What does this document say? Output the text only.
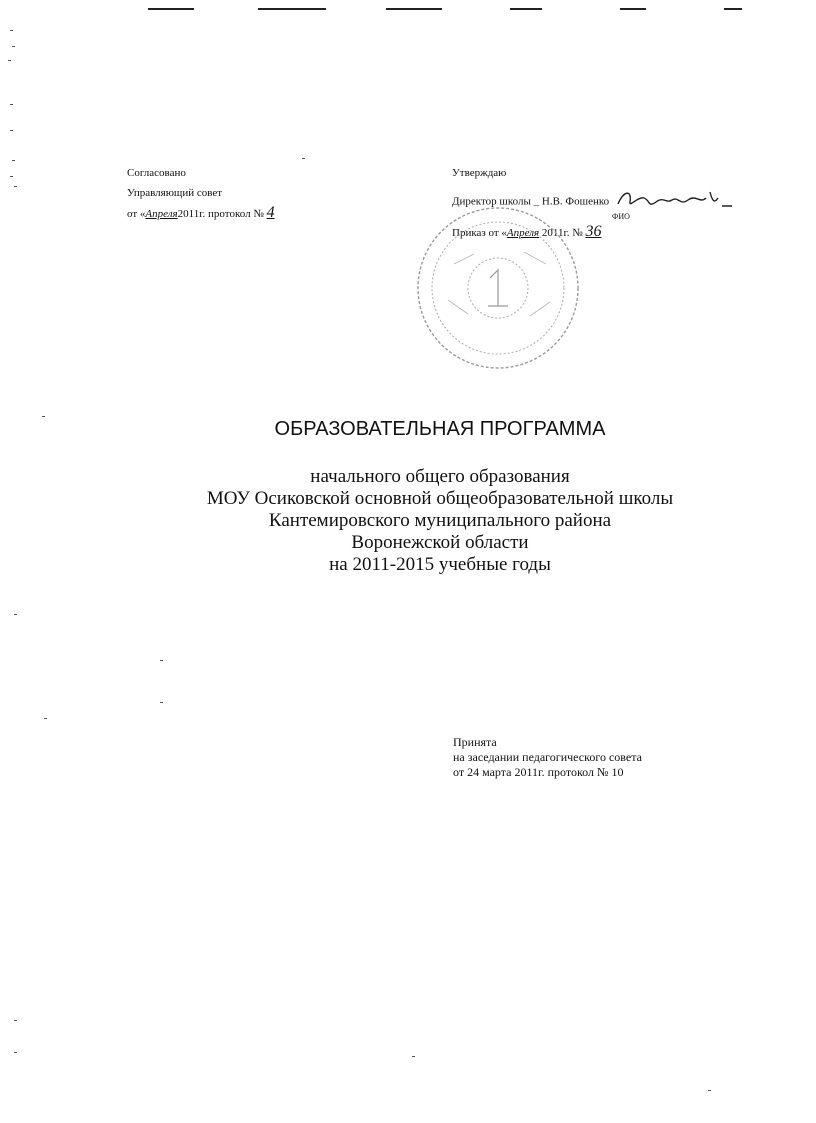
Согласовано
Управляющий совет
от «Апреля2011г. протокол № 4
Утверждаю
Директор школы _ Н.В. Фошенко
ФИО
Приказ от «Апреля 2011г. № 36
ОБРАЗОВАТЕЛЬНАЯ ПРОГРАММА
начального общего образования
МОУ Осиковской основной общеобразовательной школы
Кантемировского муниципального района
Воронежской области
на 2011-2015 учебные годы
Принята
на заседании педагогического совета
от 24 марта 2011г. протокол № 10
